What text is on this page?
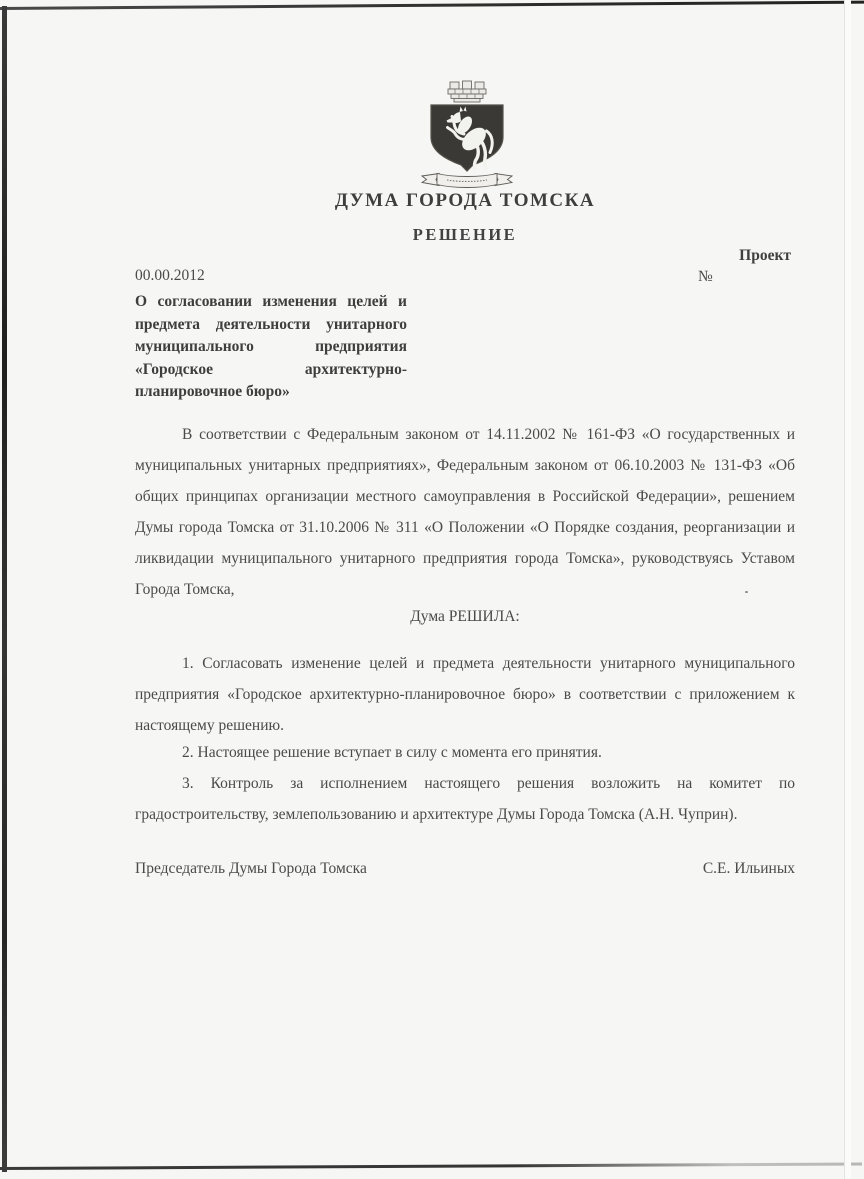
ДУМА ГОРОДА ТОМСКА
РЕШЕНИЕ
Проект
00.00.2012	№
О согласовании изменения целей и
предмета деятельности унитарного
муниципального предприятия
«Городское архитектурно-
планировочное бюро»
В соответствии с Федеральным законом от 14.11.2002 № 161-ФЗ «О государственных и муниципальных унитарных предприятиях», Федеральным законом от 06.10.2003 № 131-ФЗ «Об общих принципах организации местного самоуправления в Российской Федерации», решением Думы города Томска от 31.10.2006 № 311 «О Положении «О Порядке создания, реорганизации и ликвидации муниципального унитарного предприятия города Томска», руководствуясь Уставом Города Томска,
Дума РЕШИЛА:
1. Согласовать изменение целей и предмета деятельности унитарного муниципального предприятия «Городское архитектурно-планировочное бюро» в соответствии с приложением к настоящему решению.
2. Настоящее решение вступает в силу с момента его принятия.
3. Контроль за исполнением настоящего решения возложить на комитет по градостроительству, землепользованию и архитектуре Думы Города Томска (А.Н. Чуприн).
Председатель Думы Города Томска	С.Е. Ильиных
